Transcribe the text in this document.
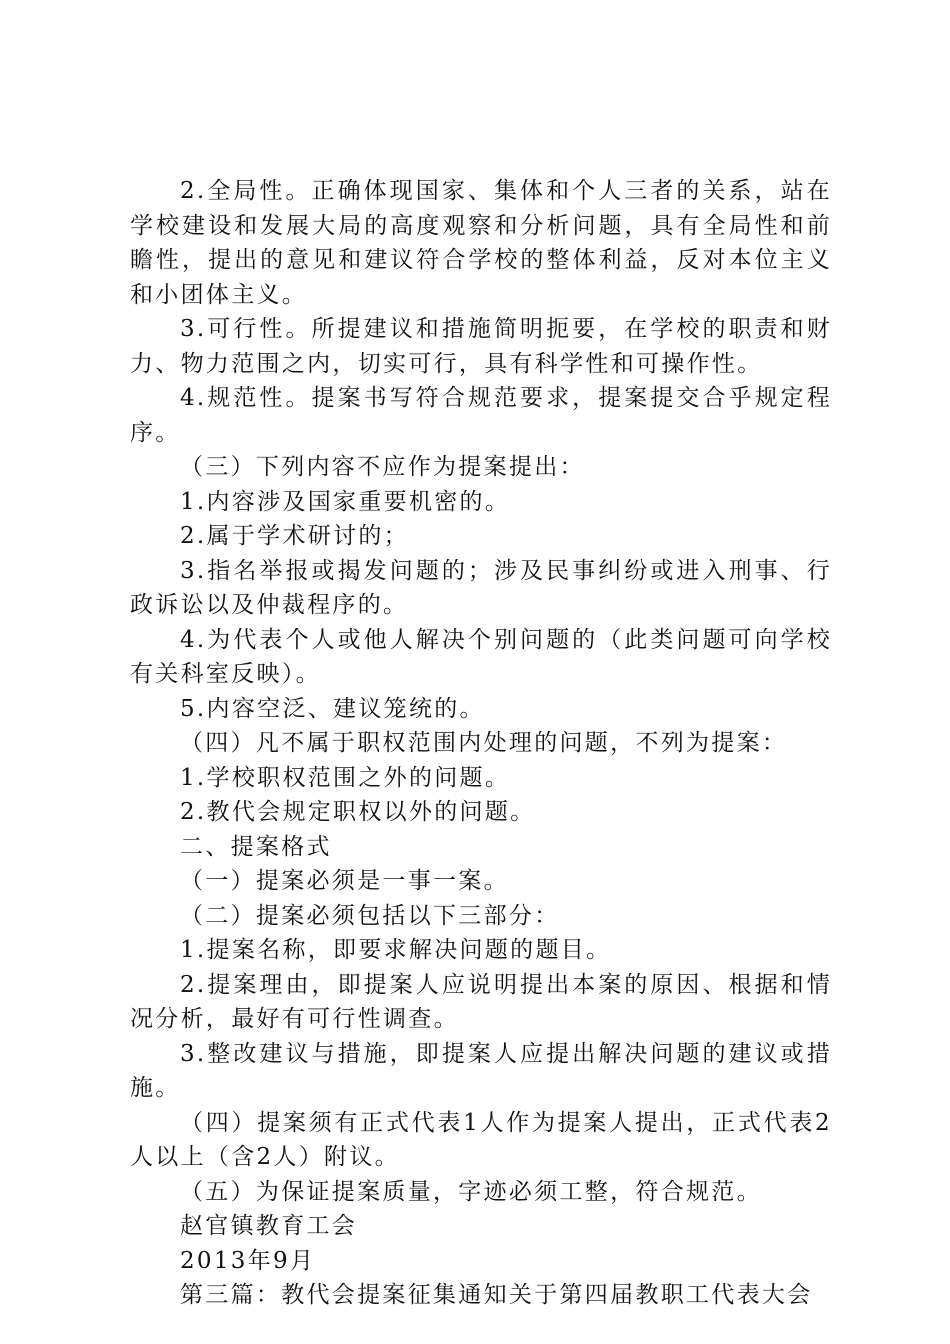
2.全局性。正确体现国家、集体和个人三者的关系，站在学校建设和发展大局的高度观察和分析问题，具有全局性和前瞻性，提出的意见和建议符合学校的整体利益，反对本位主义和小团体主义。

3.可行性。所提建议和措施简明扼要，在学校的职责和财力、物力范围之内，切实可行，具有科学性和可操作性。

4.规范性。提案书写符合规范要求，提案提交合乎规定程序。

（三）下列内容不应作为提案提出：

1.内容涉及国家重要机密的。

2.属于学术研讨的；

3.指名举报或揭发问题的；涉及民事纠纷或进入刑事、行政诉讼以及仲裁程序的。

4.为代表个人或他人解决个别问题的（此类问题可向学校有关科室反映）。

5.内容空泛、建议笼统的。

（四）凡不属于职权范围内处理的问题，不列为提案：

1.学校职权范围之外的问题。

2.教代会规定职权以外的问题。

二、提案格式

（一）提案必须是一事一案。

（二）提案必须包括以下三部分：

1.提案名称，即要求解决问题的题目。

2.提案理由，即提案人应说明提出本案的原因、根据和情况分析，最好有可行性调查。

3.整改建议与措施，即提案人应提出解决问题的建议或措施。

（四）提案须有正式代表1人作为提案人提出，正式代表2人以上（含2人）附议。

（五）为保证提案质量，字迹必须工整，符合规范。

赵官镇教育工会

2013年9月

第三篇：教代会提案征集通知关于第四届教职工代表大会
